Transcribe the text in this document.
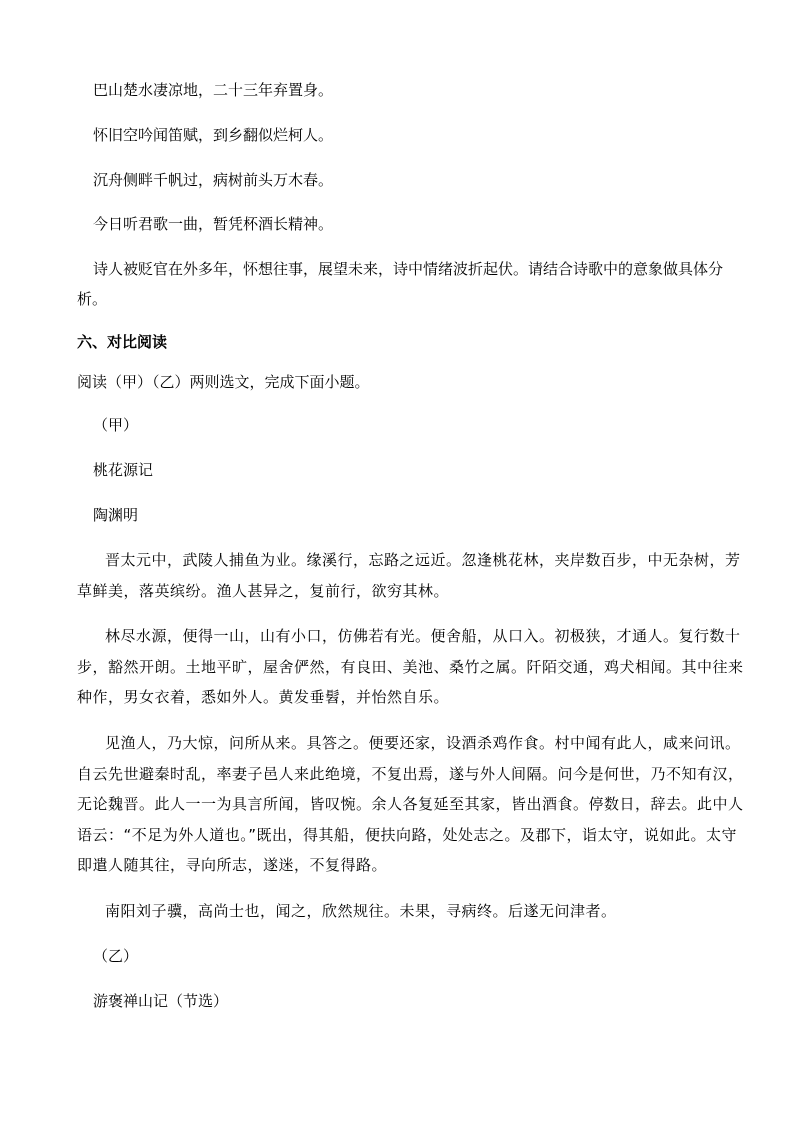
巴山楚水凄凉地，二十三年弃置身。
怀旧空吟闻笛赋，到乡翻似烂柯人。
沉舟侧畔千帆过，病树前头万木春。
今日听君歌一曲，暂凭杯酒长精神。
诗人被贬官在外多年，怀想往事，展望未来，诗中情绪波折起伏。请结合诗歌中的意象做具体分
析。
六、对比阅读
阅读（甲）（乙）两则选文，完成下面小题。
（甲）
桃花源记
陶渊明
晋太元中，武陵人捕鱼为业。缘溪行，忘路之远近。忽逢桃花林，夹岸数百步，中无杂树，芳
草鲜美，落英缤纷。渔人甚异之，复前行，欲穷其林。
林尽水源，便得一山，山有小口，仿佛若有光。便舍船，从口入。初极狭，才通人。复行数十
步，豁然开朗。土地平旷，屋舍俨然，有良田、美池、桑竹之属。阡陌交通，鸡犬相闻。其中往来
种作，男女衣着，悉如外人。黄发垂髫，并怡然自乐。
见渔人，乃大惊，问所从来。具答之。便要还家，设酒杀鸡作食。村中闻有此人，咸来问讯。
自云先世避秦时乱，率妻子邑人来此绝境，不复出焉，遂与外人间隔。问今是何世，乃不知有汉，
无论魏晋。此人一一为具言所闻，皆叹惋。余人各复延至其家，皆出酒食。停数日，辞去。此中人
语云：“不足为外人道也。”既出，得其船，便扶向路，处处志之。及郡下，诣太守，说如此。太守
即遣人随其往，寻向所志，遂迷，不复得路。
南阳刘子骥，高尚士也，闻之，欣然规往。未果，寻病终。后遂无问津者。
（乙）
游褒禅山记（节选）
